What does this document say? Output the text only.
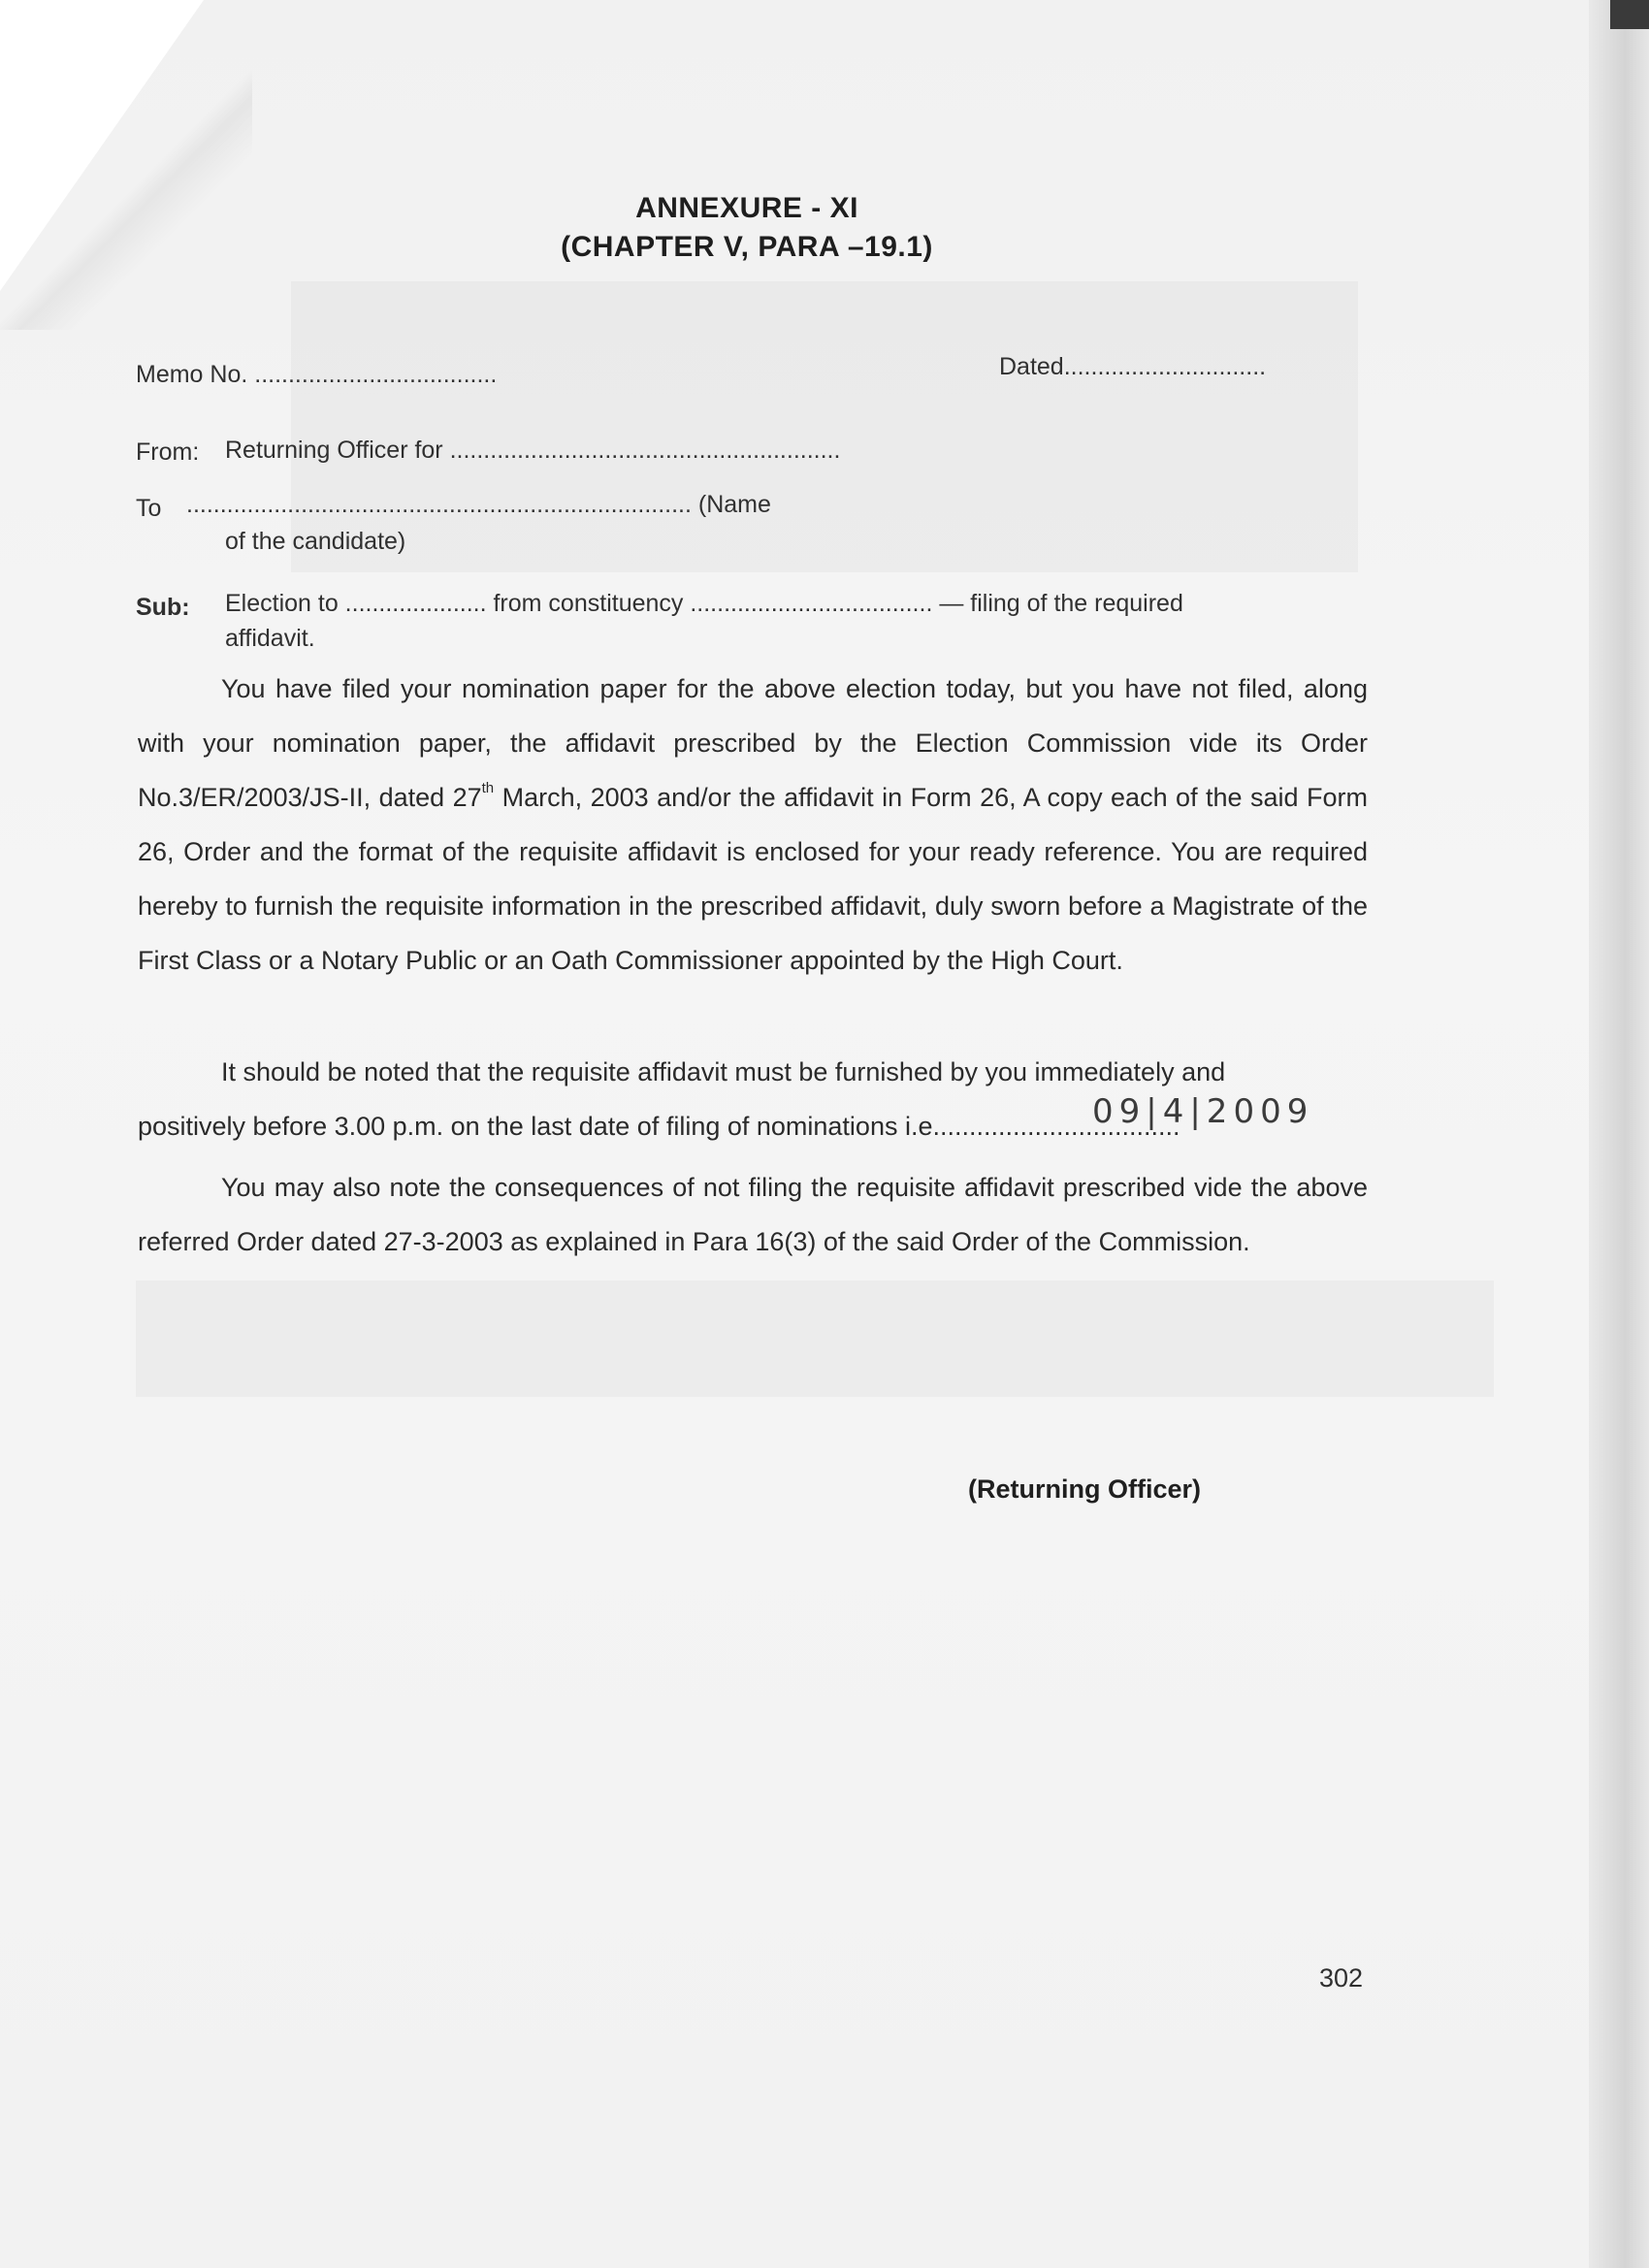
ANNEXURE - XI
(CHAPTER V, PARA –19.1)
Memo No. ....................................	Dated..............................
From: Returning Officer for ..........................................................
To ........................................................................... (Name
of the candidate)
Sub: Election to ..................... from constituency .................................... — filing of the required
affidavit.
You have filed your nomination paper for the above election today, but you have not filed, along with your nomination paper, the affidavit prescribed by the Election Commission vide its Order No.3/ER/2003/JS-II, dated 27th March, 2003 and/or the affidavit in Form 26, A copy each of the said Form 26, Order and the format of the requisite affidavit is enclosed for your ready reference. You are required hereby to furnish the requisite information in the prescribed affidavit, duly sworn before a Magistrate of the First Class or a Notary Public or an Oath Commissioner appointed by the High Court.
It should be noted that the requisite affidavit must be furnished by you immediately and
positively before 3.00 p.m. on the last date of filing of nominations i.e..................................
09|4|2009
You may also note the consequences of not filing the requisite affidavit prescribed vide the above referred Order dated 27-3-2003 as explained in Para 16(3) of the said Order of the Commission.
(Returning Officer)
302
